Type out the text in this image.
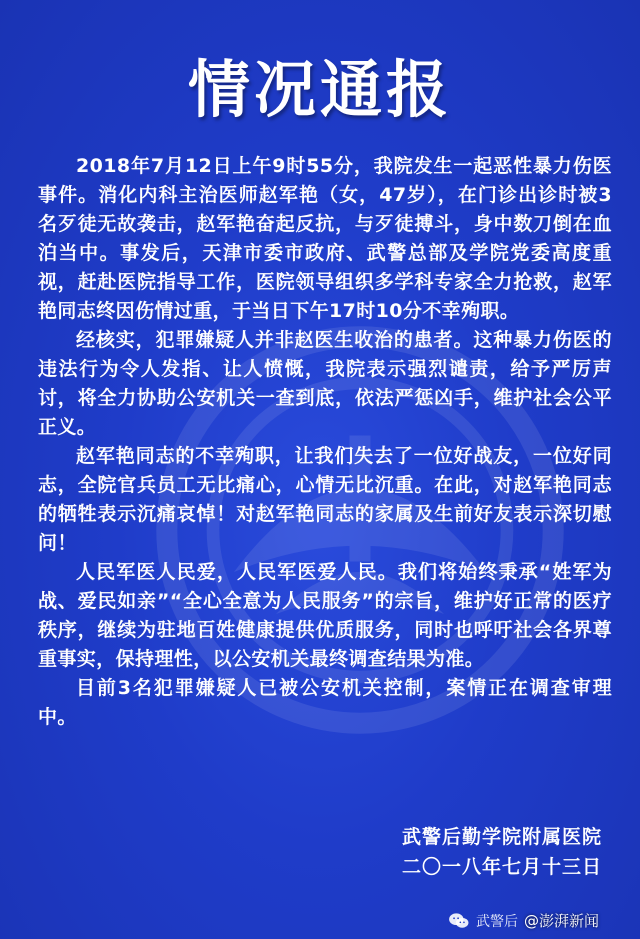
情况通报

2018年7月12日上午9时55分，我院发生一起恶性暴力伤医事件。消化内科主治医师赵军艳（女，47岁），在门诊出诊时被3名歹徒无故袭击，赵军艳奋起反抗，与歹徒搏斗，身中数刀倒在血泊当中。事发后，天津市委市政府、武警总部及学院党委高度重视，赶赴医院指导工作，医院领导组织多学科专家全力抢救，赵军艳同志终因伤情过重，于当日下午17时10分不幸殉职。

经核实，犯罪嫌疑人并非赵医生收治的患者。这种暴力伤医的违法行为令人发指、让人愤慨，我院表示强烈谴责，给予严厉声讨，将全力协助公安机关一查到底，依法严惩凶手，维护社会公平正义。

赵军艳同志的不幸殉职，让我们失去了一位好战友，一位好同志，全院官兵员工无比痛心，心情无比沉重。在此，对赵军艳同志的牺牲表示沉痛哀悼！对赵军艳同志的家属及生前好友表示深切慰问！

人民军医人民爱，人民军医爱人民。我们将始终秉承“姓军为战、爱民如亲”“全心全意为人民服务”的宗旨，维护好正常的医疗秩序，继续为驻地百姓健康提供优质服务，同时也呼吁社会各界尊重事实，保持理性，以公安机关最终调查结果为准。

目前3名犯罪嫌疑人已被公安机关控制，案情正在调查审理中。

武警后勤学院附属医院
二〇一八年七月十三日
武警后 @澎湃新闻
